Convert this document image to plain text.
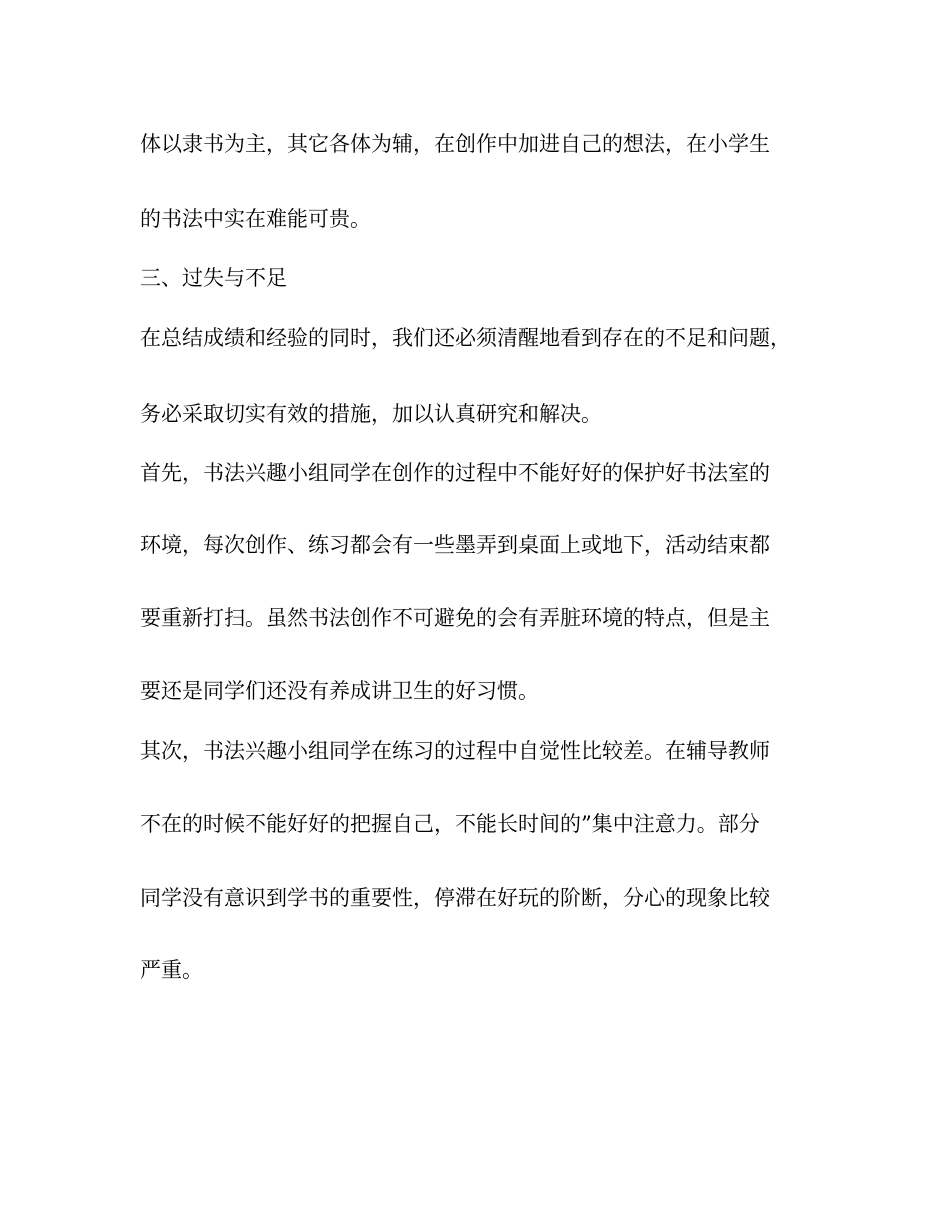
体以隶书为主，其它各体为辅，在创作中加进自己的想法，在小学生
的书法中实在难能可贵。
三、过失与不足
在总结成绩和经验的同时，我们还必须清醒地看到存在的不足和问题，
务必采取切实有效的措施，加以认真研究和解决。
首先，书法兴趣小组同学在创作的过程中不能好好的保护好书法室的
环境，每次创作、练习都会有一些墨弄到桌面上或地下，活动结束都
要重新打扫。虽然书法创作不可避免的会有弄脏环境的特点，但是主
要还是同学们还没有养成讲卫生的好习惯。
其次，书法兴趣小组同学在练习的过程中自觉性比较差。在辅导教师
不在的时候不能好好的把握自己，不能长时间的”集中注意力。部分
同学没有意识到学书的重要性，停滞在好玩的阶断，分心的现象比较
严重。
